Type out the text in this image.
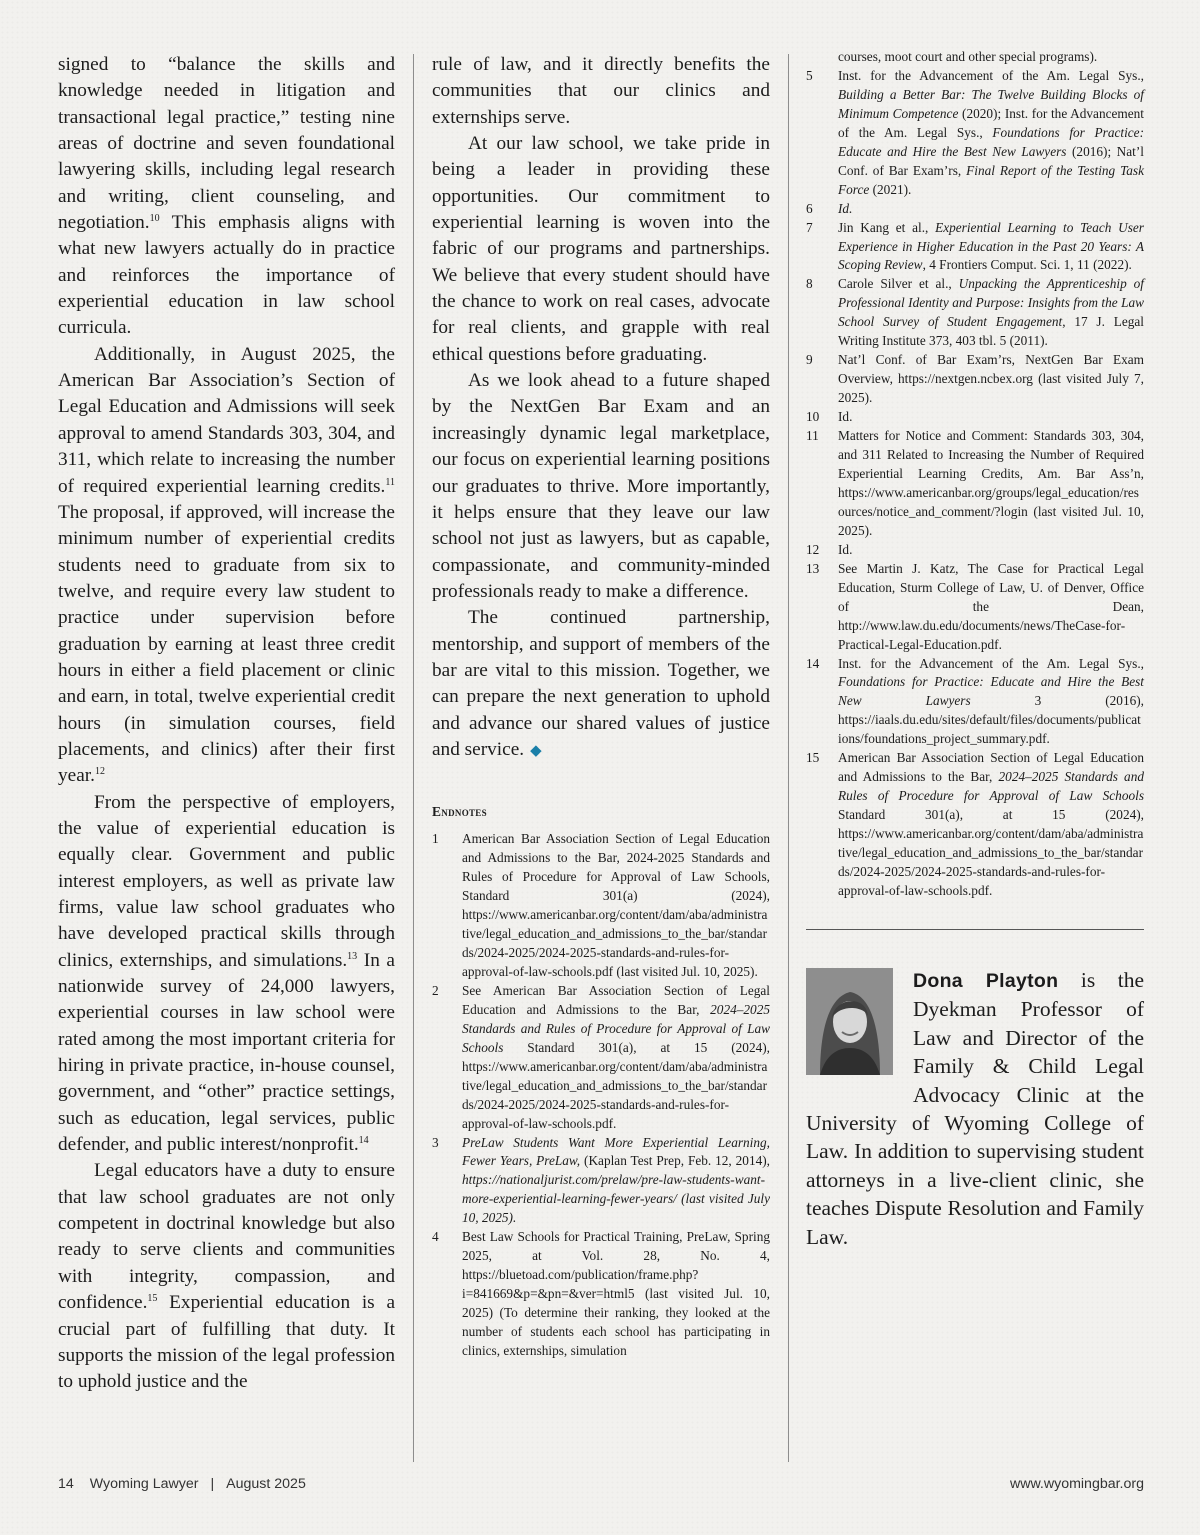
signed to “balance the skills and knowledge needed in litigation and transactional legal practice,” testing nine areas of doctrine and seven foundational lawyering skills, including legal research and writing, client counseling, and negotiation.$^{10}$ This emphasis aligns with what new lawyers actually do in practice and reinforces the importance of experiential education in law school curricula.

Additionally, in August 2025, the American Bar Association’s Section of Legal Education and Admissions will seek approval to amend Standards 303, 304, and 311, which relate to increasing the number of required experiential learning credits.$^{11}$ The proposal, if approved, will increase the minimum number of experiential credits students need to graduate from six to twelve, and require every law student to practice under supervision before graduation by earning at least three credit hours in either a field placement or clinic and earn, in total, twelve experiential credit hours (in simulation courses, field placements, and clinics) after their first year.$^{12}$

From the perspective of employers, the value of experiential education is equally clear. Government and public interest employers, as well as private law firms, value law school graduates who have developed practical skills through clinics, externships, and simulations.$^{13}$ In a nationwide survey of 24,000 lawyers, experiential courses in law school were rated among the most important criteria for hiring in private practice, in-house counsel, government, and “other” practice settings, such as education, legal services, public defender, and public interest/nonprofit.$^{14}$

Legal educators have a duty to ensure that law school graduates are not only competent in doctrinal knowledge but also ready to serve clients and communities with integrity, compassion, and confidence.$^{15}$ Experiential education is a crucial part of fulfilling that duty. It supports the mission of the legal profession to uphold justice and the

rule of law, and it directly benefits the communities that our clinics and externships serve.

At our law school, we take pride in being a leader in providing these opportunities. Our commitment to experiential learning is woven into the fabric of our programs and partnerships. We believe that every student should have the chance to work on real cases, advocate for real clients, and grapple with real ethical questions before graduating.

As we look ahead to a future shaped by the NextGen Bar Exam and an increasingly dynamic legal marketplace, our focus on experiential learning positions our graduates to thrive. More importantly, it helps ensure that they leave our law school not just as lawyers, but as capable, compassionate, and community-minded professionals ready to make a difference.

The continued partnership, mentorship, and support of members of the bar are vital to this mission. Together, we can prepare the next generation to uphold and advance our shared values of justice and service. ◆

Endnotes
1	American Bar Association Section of Legal Education and Admissions to the Bar, 2024-2025 Standards and Rules of Procedure for Approval of Law Schools, Standard 301(a) (2024), https://www.americanbar.org/content/dam/aba/administrative/legal_education_and_admissions_to_the_bar/standards/2024-2025/2024-2025-standards-and-rules-for-approval-of-law-schools.pdf (last visited Jul. 10, 2025).
2	See American Bar Association Section of Legal Education and Admissions to the Bar, 2024–2025 Standards and Rules of Procedure for Approval of Law Schools Standard 301(a), at 15 (2024), https://www.americanbar.org/content/dam/aba/administrative/legal_education_and_admissions_to_the_bar/standards/2024-2025/2024-2025-standards-and-rules-for-approval-of-law-schools.pdf.
3	PreLaw Students Want More Experiential Learning, Fewer Years, PreLaw, (Kaplan Test Prep, Feb. 12, 2014), https://nationaljurist.com/prelaw/pre-law-students-want-more-experiential-learning-fewer-years/ (last visited July 10, 2025).
4	Best Law Schools for Practical Training, PreLaw, Spring 2025, at Vol. 28, No. 4, https://bluetoad.com/publication/frame.php?i=841669&p=&pn=&ver=html5 (last visited Jul. 10, 2025) (To determine their ranking, they looked at the number of students each school has participating in clinics, externships, simulation
courses, moot court and other special programs).
5	Inst. for the Advancement of the Am. Legal Sys., Building a Better Bar: The Twelve Building Blocks of Minimum Competence (2020); Inst. for the Advancement of the Am. Legal Sys., Foundations for Practice: Educate and Hire the Best New Lawyers (2016); Nat’l Conf. of Bar Exam’rs, Final Report of the Testing Task Force (2021).
6	Id.
7	Jin Kang et al., Experiential Learning to Teach User Experience in Higher Education in the Past 20 Years: A Scoping Review, 4 Frontiers Comput. Sci. 1, 11 (2022).
8	Carole Silver et al., Unpacking the Apprenticeship of Professional Identity and Purpose: Insights from the Law School Survey of Student Engagement, 17 J. Legal Writing Institute 373, 403 tbl. 5 (2011).
9	Nat’l Conf. of Bar Exam’rs, NextGen Bar Exam Overview, https://nextgen.ncbex.org (last visited July 7, 2025).
10	Id.
11	Matters for Notice and Comment: Standards 303, 304, and 311 Related to Increasing the Number of Required Experiential Learning Credits, Am. Bar Ass’n, https://www.americanbar.org/groups/legal_education/resources/notice_and_comment/?login (last visited Jul. 10, 2025).
12	Id.
13	See Martin J. Katz, The Case for Practical Legal Education, Sturm College of Law, U. of Denver, Office of the Dean, http://www.law.du.edu/documents/news/TheCase-for-Practical-Legal-Education.pdf.
14	Inst. for the Advancement of the Am. Legal Sys., Foundations for Practice: Educate and Hire the Best New Lawyers 3 (2016), https://iaals.du.edu/sites/default/files/documents/publications/foundations_project_summary.pdf.
15	American Bar Association Section of Legal Education and Admissions to the Bar, 2024–2025 Standards and Rules of Procedure for Approval of Law Schools Standard 301(a), at 15 (2024), https://www.americanbar.org/content/dam/aba/administrative/legal_education_and_admissions_to_the_bar/standards/2024-2025/2024-2025-standards-and-rules-for-approval-of-law-schools.pdf.
Dona Playton is the Dyekman Professor of Law and Director of the Family & Child Legal Advocacy Clinic at the University of Wyoming College of Law. In addition to supervising student attorneys in a live-client clinic, she teaches Dispute Resolution and Family Law.
14 Wyoming Lawyer | August 2025	www.wyomingbar.org
